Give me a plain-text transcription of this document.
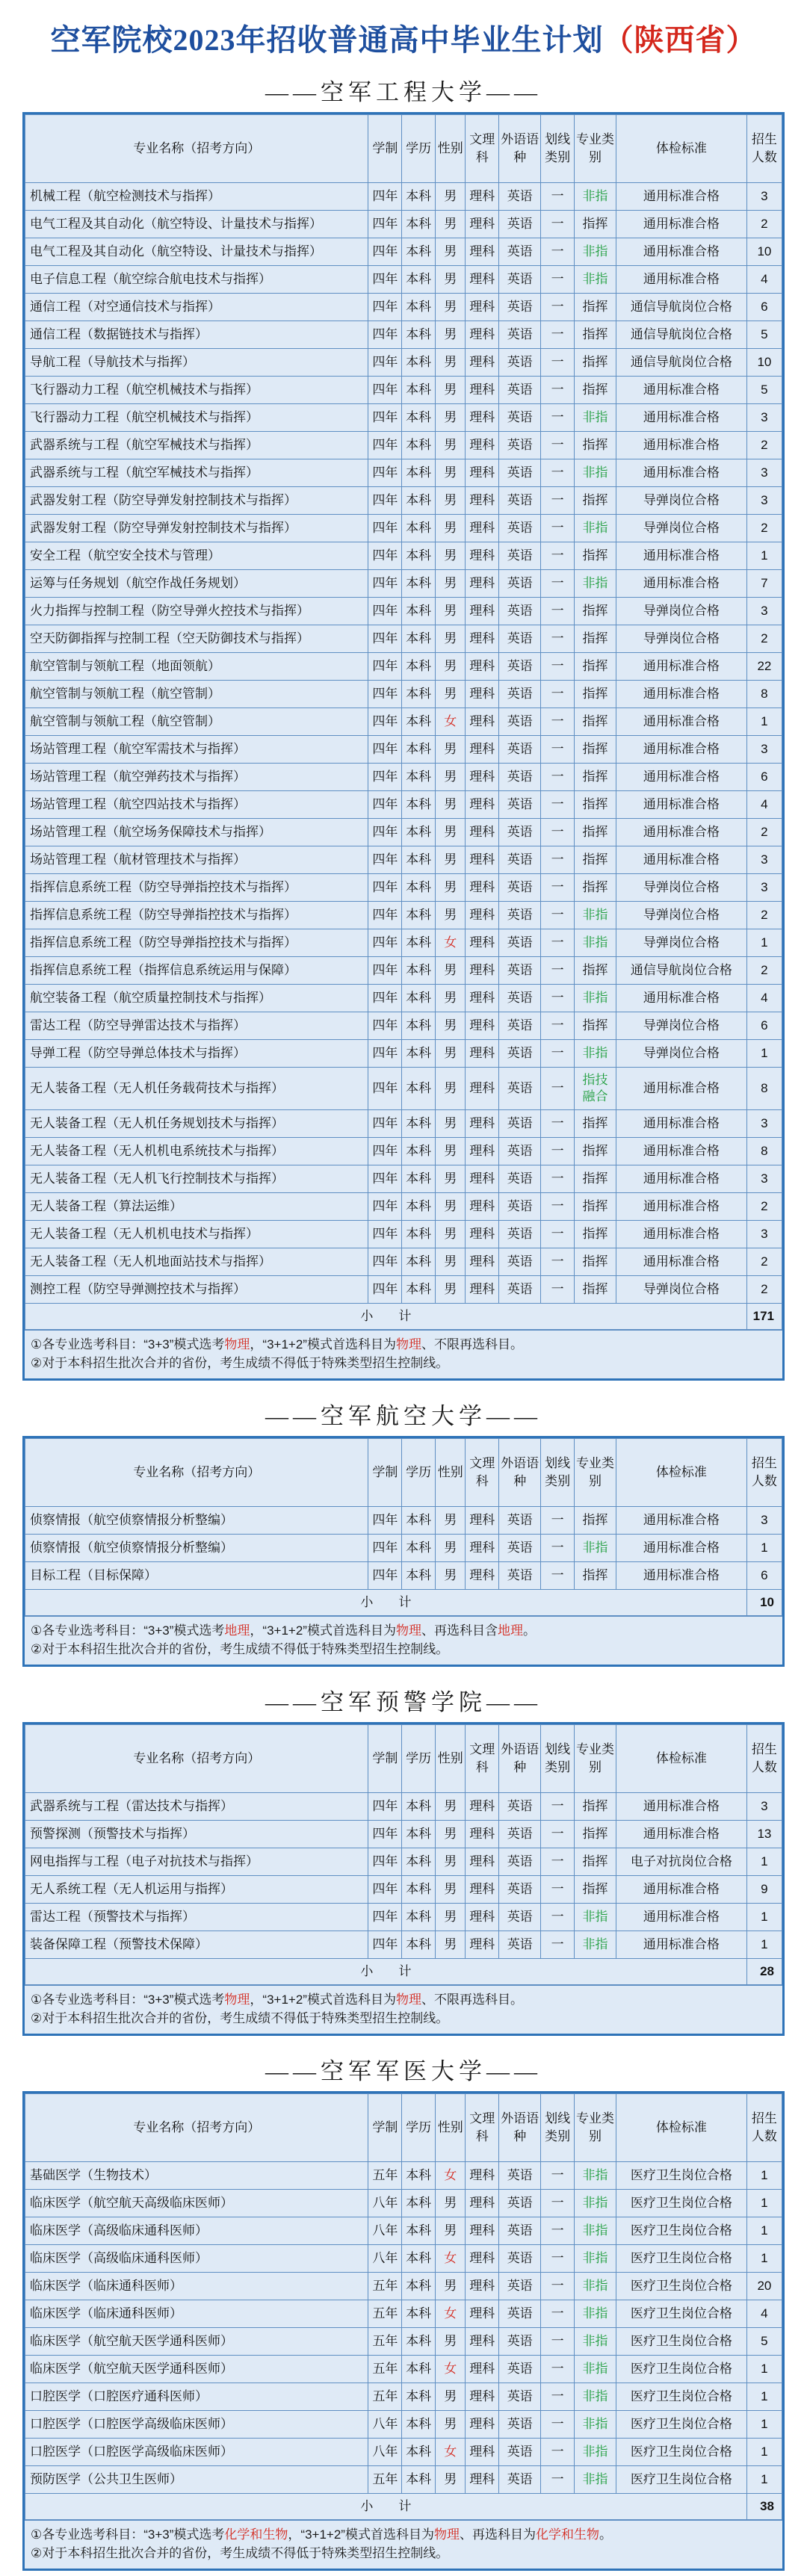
空军院校2023年招收普通高中毕业生计划（陕西省）
——空军工程大学——
专业名称（招考方向）	学制	学历	性别	文理科	外语语种	划线类别	专业类别	体检标准	招生人数
机械工程（航空检测技术与指挥）	四年	本科	男	理科	英语	一	非指	通用标准合格	3
电气工程及其自动化（航空特设、计量技术与指挥）	四年	本科	男	理科	英语	一	指挥	通用标准合格	2
电气工程及其自动化（航空特设、计量技术与指挥）	四年	本科	男	理科	英语	一	非指	通用标准合格	10
电子信息工程（航空综合航电技术与指挥）	四年	本科	男	理科	英语	一	非指	通用标准合格	4
通信工程（对空通信技术与指挥）	四年	本科	男	理科	英语	一	指挥	通信导航岗位合格	6
通信工程（数据链技术与指挥）	四年	本科	男	理科	英语	一	指挥	通信导航岗位合格	5
导航工程（导航技术与指挥）	四年	本科	男	理科	英语	一	指挥	通信导航岗位合格	10
飞行器动力工程（航空机械技术与指挥）	四年	本科	男	理科	英语	一	指挥	通用标准合格	5
飞行器动力工程（航空机械技术与指挥）	四年	本科	男	理科	英语	一	非指	通用标准合格	3
武器系统与工程（航空军械技术与指挥）	四年	本科	男	理科	英语	一	指挥	通用标准合格	2
武器系统与工程（航空军械技术与指挥）	四年	本科	男	理科	英语	一	非指	通用标准合格	3
武器发射工程（防空导弹发射控制技术与指挥）	四年	本科	男	理科	英语	一	指挥	导弹岗位合格	3
武器发射工程（防空导弹发射控制技术与指挥）	四年	本科	男	理科	英语	一	非指	导弹岗位合格	2
安全工程（航空安全技术与管理）	四年	本科	男	理科	英语	一	指挥	通用标准合格	1
运筹与任务规划（航空作战任务规划）	四年	本科	男	理科	英语	一	非指	通用标准合格	7
火力指挥与控制工程（防空导弹火控技术与指挥）	四年	本科	男	理科	英语	一	指挥	导弹岗位合格	3
空天防御指挥与控制工程（空天防御技术与指挥）	四年	本科	男	理科	英语	一	指挥	导弹岗位合格	2
航空管制与领航工程（地面领航）	四年	本科	男	理科	英语	一	指挥	通用标准合格	22
航空管制与领航工程（航空管制）	四年	本科	男	理科	英语	一	指挥	通用标准合格	8
航空管制与领航工程（航空管制）	四年	本科	女	理科	英语	一	指挥	通用标准合格	1
场站管理工程（航空军需技术与指挥）	四年	本科	男	理科	英语	一	指挥	通用标准合格	3
场站管理工程（航空弹药技术与指挥）	四年	本科	男	理科	英语	一	指挥	通用标准合格	6
场站管理工程（航空四站技术与指挥）	四年	本科	男	理科	英语	一	指挥	通用标准合格	4
场站管理工程（航空场务保障技术与指挥）	四年	本科	男	理科	英语	一	指挥	通用标准合格	2
场站管理工程（航材管理技术与指挥）	四年	本科	男	理科	英语	一	指挥	通用标准合格	3
指挥信息系统工程（防空导弹指控技术与指挥）	四年	本科	男	理科	英语	一	指挥	导弹岗位合格	3
指挥信息系统工程（防空导弹指控技术与指挥）	四年	本科	男	理科	英语	一	非指	导弹岗位合格	2
指挥信息系统工程（防空导弹指控技术与指挥）	四年	本科	女	理科	英语	一	非指	导弹岗位合格	1
指挥信息系统工程（指挥信息系统运用与保障）	四年	本科	男	理科	英语	一	指挥	通信导航岗位合格	2
航空装备工程（航空质量控制技术与指挥）	四年	本科	男	理科	英语	一	非指	通用标准合格	4
雷达工程（防空导弹雷达技术与指挥）	四年	本科	男	理科	英语	一	指挥	导弹岗位合格	6
导弹工程（防空导弹总体技术与指挥）	四年	本科	男	理科	英语	一	非指	导弹岗位合格	1
无人装备工程（无人机任务载荷技术与指挥）	四年	本科	男	理科	英语	一	指技融合	通用标准合格	8
无人装备工程（无人机任务规划技术与指挥）	四年	本科	男	理科	英语	一	指挥	通用标准合格	3
无人装备工程（无人机机电系统技术与指挥）	四年	本科	男	理科	英语	一	指挥	通用标准合格	8
无人装备工程（无人机飞行控制技术与指挥）	四年	本科	男	理科	英语	一	指挥	通用标准合格	3
无人装备工程（算法运维）	四年	本科	男	理科	英语	一	指挥	通用标准合格	2
无人装备工程（无人机机电技术与指挥）	四年	本科	男	理科	英语	一	指挥	通用标准合格	3
无人装备工程（无人机地面站技术与指挥）	四年	本科	男	理科	英语	一	指挥	通用标准合格	2
测控工程（防空导弹测控技术与指挥）	四年	本科	男	理科	英语	一	指挥	导弹岗位合格	2
小　　计									171
①各专业选考科目：“3+3”模式选考物理，“3+1+2”模式首选科目为物理、不限再选科目。
②对于本科招生批次合并的省份，考生成绩不得低于特殊类型招生控制线。
——空军航空大学——
专业名称（招考方向）	学制	学历	性别	文理科	外语语种	划线类别	专业类别	体检标准	招生人数
侦察情报（航空侦察情报分析整编）	四年	本科	男	理科	英语	一	指挥	通用标准合格	3
侦察情报（航空侦察情报分析整编）	四年	本科	男	理科	英语	一	非指	通用标准合格	1
目标工程（目标保障）	四年	本科	男	理科	英语	一	指挥	通用标准合格	6
小　　计									10
①各专业选考科目：“3+3”模式选考地理，“3+1+2”模式首选科目为物理、再选科目含地理。
②对于本科招生批次合并的省份，考生成绩不得低于特殊类型招生控制线。
——空军预警学院——
专业名称（招考方向）	学制	学历	性别	文理科	外语语种	划线类别	专业类别	体检标准	招生人数
武器系统与工程（雷达技术与指挥）	四年	本科	男	理科	英语	一	指挥	通用标准合格	3
预警探测（预警技术与指挥）	四年	本科	男	理科	英语	一	指挥	通用标准合格	13
网电指挥与工程（电子对抗技术与指挥）	四年	本科	男	理科	英语	一	指挥	电子对抗岗位合格	1
无人系统工程（无人机运用与指挥）	四年	本科	男	理科	英语	一	指挥	通用标准合格	9
雷达工程（预警技术与指挥）	四年	本科	男	理科	英语	一	非指	通用标准合格	1
装备保障工程（预警技术保障）	四年	本科	男	理科	英语	一	非指	通用标准合格	1
小　　计									28
①各专业选考科目：“3+3”模式选考物理，“3+1+2”模式首选科目为物理、不限再选科目。
②对于本科招生批次合并的省份，考生成绩不得低于特殊类型招生控制线。
——空军军医大学——
专业名称（招考方向）	学制	学历	性别	文理科	外语语种	划线类别	专业类别	体检标准	招生人数
基础医学（生物技术）	五年	本科	女	理科	英语	一	非指	医疗卫生岗位合格	1
临床医学（航空航天高级临床医师）	八年	本科	男	理科	英语	一	非指	医疗卫生岗位合格	1
临床医学（高级临床通科医师）	八年	本科	男	理科	英语	一	非指	医疗卫生岗位合格	1
临床医学（高级临床通科医师）	八年	本科	女	理科	英语	一	非指	医疗卫生岗位合格	1
临床医学（临床通科医师）	五年	本科	男	理科	英语	一	非指	医疗卫生岗位合格	20
临床医学（临床通科医师）	五年	本科	女	理科	英语	一	非指	医疗卫生岗位合格	4
临床医学（航空航天医学通科医师）	五年	本科	男	理科	英语	一	非指	医疗卫生岗位合格	5
临床医学（航空航天医学通科医师）	五年	本科	女	理科	英语	一	非指	医疗卫生岗位合格	1
口腔医学（口腔医疗通科医师）	五年	本科	男	理科	英语	一	非指	医疗卫生岗位合格	1
口腔医学（口腔医学高级临床医师）	八年	本科	男	理科	英语	一	非指	医疗卫生岗位合格	1
口腔医学（口腔医学高级临床医师）	八年	本科	女	理科	英语	一	非指	医疗卫生岗位合格	1
预防医学（公共卫生医师）	五年	本科	男	理科	英语	一	非指	医疗卫生岗位合格	1
小　　计									38
①各专业选考科目：“3+3”模式选考化学和生物，“3+1+2”模式首选科目为物理、再选科目为化学和生物。
②对于本科招生批次合并的省份，考生成绩不得低于特殊类型招生控制线。
